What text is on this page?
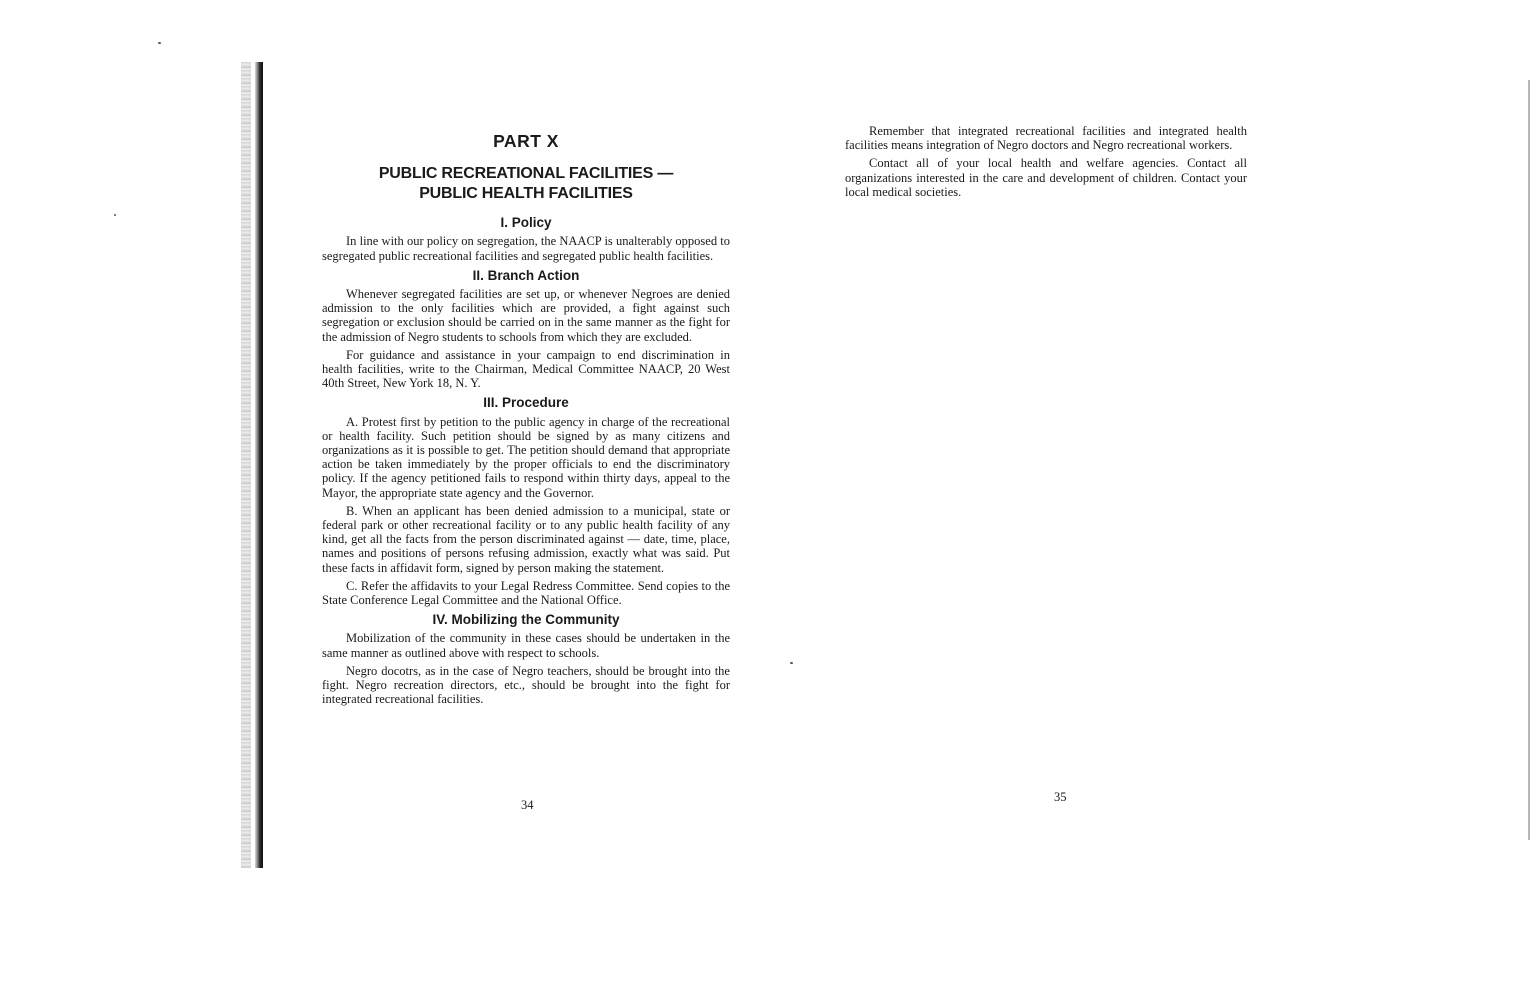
PART X
PUBLIC RECREATIONAL FACILITIES —
PUBLIC HEALTH FACILITIES
I. Policy

In line with our policy on segregation, the NAACP is unalterably opposed to segregated public recreational facilities and segregated public health facilities.

II. Branch Action

Whenever segregated facilities are set up, or whenever Negroes are denied admission to the only facilities which are provided, a fight against such segregation or exclusion should be carried on in the same manner as the fight for the admission of Negro students to schools from which they are excluded.

For guidance and assistance in your campaign to end discrimination in health facilities, write to the Chairman, Medical Committee NAACP, 20 West 40th Street, New York 18, N. Y.

III. Procedure

A. Protest first by petition to the public agency in charge of the recreational or health facility. Such petition should be signed by as many citizens and organizations as it is possible to get. The petition should demand that appropriate action be taken immediately by the proper officials to end the discriminatory policy. If the agency petitioned fails to respond within thirty days, appeal to the Mayor, the appropriate state agency and the Governor.

B. When an applicant has been denied admission to a municipal, state or federal park or other recreational facility or to any public health facility of any kind, get all the facts from the person discriminated against — date, time, place, names and positions of persons refusing admission, exactly what was said. Put these facts in affidavit form, signed by person making the statement.

C. Refer the affidavits to your Legal Redress Committee. Send copies to the State Conference Legal Committee and the National Office.

IV. Mobilizing the Community

Mobilization of the community in these cases should be undertaken in the same manner as outlined above with respect to schools.

Negro docotrs, as in the case of Negro teachers, should be brought into the fight. Negro recreation directors, etc., should be brought into the fight for integrated recreational facilities.

34

Remember that integrated recreational facilities and integrated health facilities means integration of Negro doctors and Negro recreational workers.

Contact all of your local health and welfare agencies. Contact all organizations interested in the care and development of children. Contact your local medical societies.

35
